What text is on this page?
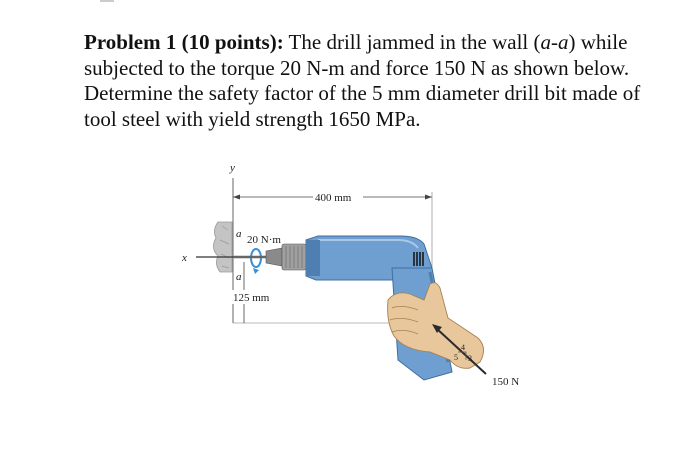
Problem 1 (10 points): The drill jammed in the wall (a-a) while subjected to the torque 20 N-m and force 150 N as shown below. Determine the safety factor of the 5 mm diameter drill bit made of tool steel with yield strength 1650 MPa.

y
x
400 mm
125 mm
a
a
20 N·m
3
4
5
150 N
